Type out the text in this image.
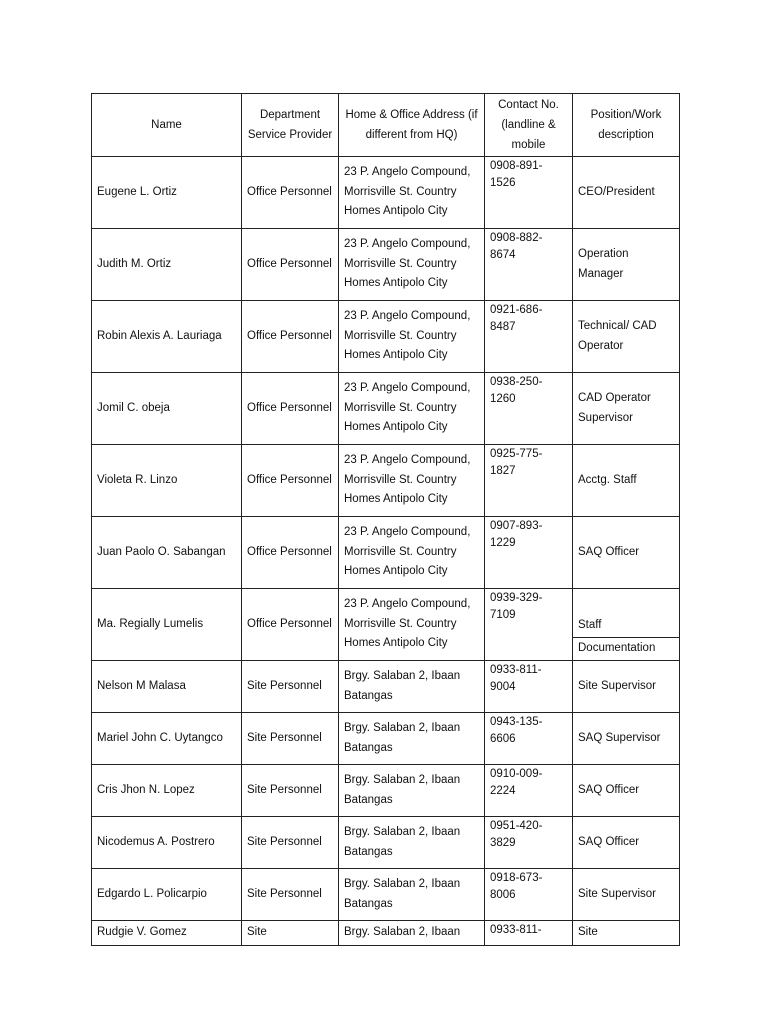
Name	Department Service Provider	Home & Office Address (if different from HQ)	Contact No. (landline & mobile	Position/Work description
Eugene L. Ortiz	Office Personnel	23 P. Angelo Compound, Morrisville St. Country Homes Antipolo City	0908-891-1526	CEO/President
Judith M. Ortiz	Office Personnel	23 P. Angelo Compound, Morrisville St. Country Homes Antipolo City	0908-882-8674	Operation Manager
Robin Alexis A. Lauriaga	Office Personnel	23 P. Angelo Compound, Morrisville St. Country Homes Antipolo City	0921-686-8487	Technical/ CAD Operator
Jomil C. obeja	Office Personnel	23 P. Angelo Compound, Morrisville St. Country Homes Antipolo City	0938-250-1260	CAD Operator Supervisor
Violeta R. Linzo	Office Personnel	23 P. Angelo Compound, Morrisville St. Country Homes Antipolo City	0925-775-1827	Acctg. Staff
Juan Paolo O. Sabangan	Office Personnel	23 P. Angelo Compound, Morrisville St. Country Homes Antipolo City	0907-893-1229	SAQ Officer
Ma. Regially Lumelis	Office Personnel	23 P. Angelo Compound, Morrisville St. Country Homes Antipolo City	0939-329-7109	Staff
Documentation

Nelson M Malasa	Site Personnel	Brgy. Salaban 2, Ibaan Batangas	0933-811-9004	Site Supervisor
Mariel John C. Uytangco	Site Personnel	Brgy. Salaban 2, Ibaan Batangas	0943-135-6606	SAQ Supervisor
Cris Jhon N. Lopez	Site Personnel	Brgy. Salaban 2, Ibaan Batangas	0910-009-2224	SAQ Officer
Nicodemus A. Postrero	Site Personnel	Brgy. Salaban 2, Ibaan Batangas	0951-420-3829	SAQ Officer
Edgardo L. Policarpio	Site Personnel	Brgy. Salaban 2, Ibaan Batangas	0918-673-8006	Site Supervisor
Rudgie V. Gomez	Site	Brgy. Salaban 2, Ibaan	0933-811-	Site
